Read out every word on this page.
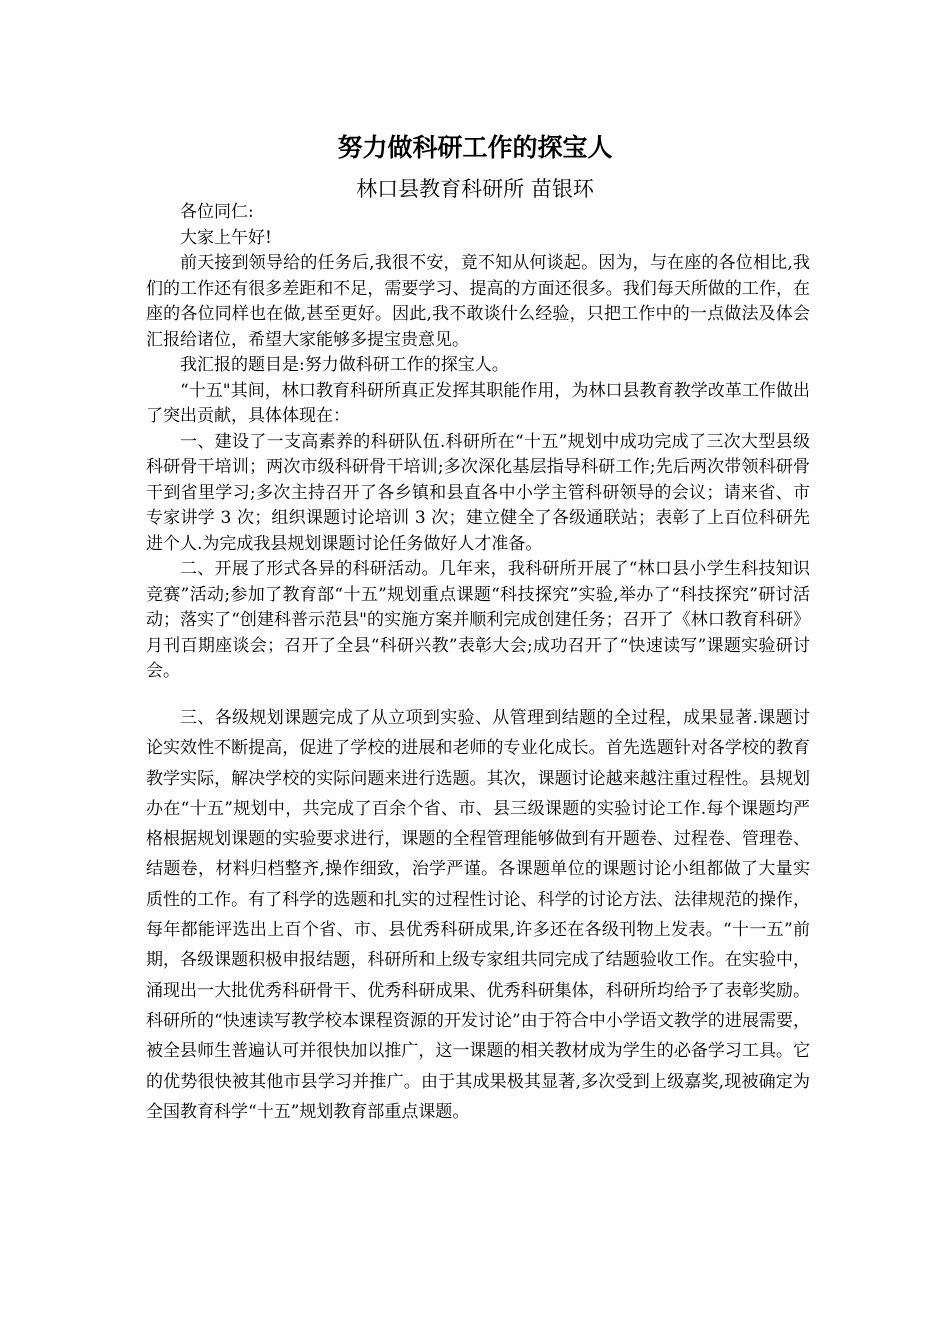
努力做科研工作的探宝人
林口县教育科研所 苗银环

各位同仁:

大家上午好!

前天接到领导给的任务后,我很不安，竟不知从何谈起。因为，与在座的各位相比,我们的工作还有很多差距和不足，需要学习、提高的方面还很多。我们每天所做的工作，在座的各位同样也在做,甚至更好。因此,我不敢谈什么经验，只把工作中的一点做法及体会汇报给诸位，希望大家能够多提宝贵意见。

我汇报的题目是:努力做科研工作的探宝人。

“十五"其间，林口教育科研所真正发挥其职能作用，为林口县教育教学改革工作做出了突出贡献，具体体现在：

一、建设了一支高素养的科研队伍.科研所在“十五”规划中成功完成了三次大型县级科研骨干培训；两次市级科研骨干培训;多次深化基层指导科研工作;先后两次带领科研骨干到省里学习;多次主持召开了各乡镇和县直各中小学主管科研领导的会议；请来省、市专家讲学 3 次；组织课题讨论培训 3 次；建立健全了各级通联站；表彰了上百位科研先进个人.为完成我县规划课题讨论任务做好人才准备。

二、开展了形式各异的科研活动。几年来，我科研所开展了“林口县小学生科技知识竞赛”活动;参加了教育部“十五”规划重点课题“科技探究”实验,举办了“科技探究”研讨活动；落实了“创建科普示范县"的实施方案并顺利完成创建任务；召开了《林口教育科研》月刊百期座谈会；召开了全县“科研兴教”表彰大会;成功召开了“快速读写”课题实验研讨会。

三、各级规划课题完成了从立项到实验、从管理到结题的全过程，成果显著.课题讨论实效性不断提高，促进了学校的进展和老师的专业化成长。首先选题针对各学校的教育教学实际，解决学校的实际问题来进行选题。其次，课题讨论越来越注重过程性。县规划办在“十五”规划中，共完成了百余个省、市、县三级课题的实验讨论工作.每个课题均严格根据规划课题的实验要求进行，课题的全程管理能够做到有开题卷、过程卷、管理卷、结题卷，材料归档整齐,操作细致，治学严谨。各课题单位的课题讨论小组都做了大量实质性的工作。有了科学的选题和扎实的过程性讨论、科学的讨论方法、法律规范的操作，每年都能评选出上百个省、市、县优秀科研成果,许多还在各级刊物上发表。“十一五”前期，各级课题积极申报结题，科研所和上级专家组共同完成了结题验收工作。在实验中，涌现出一大批优秀科研骨干、优秀科研成果、优秀科研集体，科研所均给予了表彰奖励。科研所的“快速读写教学校本课程资源的开发讨论”由于符合中小学语文教学的进展需要，被全县师生普遍认可并很快加以推广，这一课题的相关教材成为学生的必备学习工具。它的优势很快被其他市县学习并推广。由于其成果极其显著,多次受到上级嘉奖,现被确定为全国教育科学“十五”规划教育部重点课题。
